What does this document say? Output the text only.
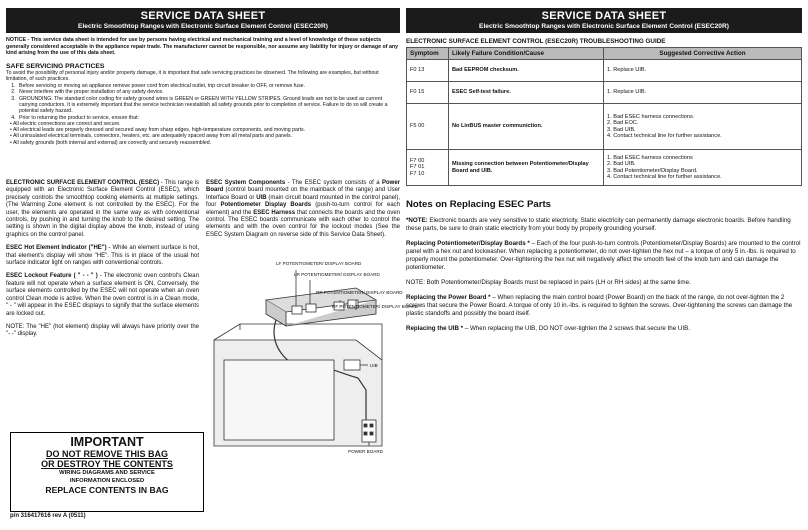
SERVICE DATA SHEET
Electric Smoothtop Ranges with Electronic Surface Element Control (ESEC20R)
NOTICE - This service data sheet is intended for use by persons having electrical and mechanical training and a level of knowledge of these subjects generally considered acceptable in the appliance repair trade. The manufacturer cannot be responsible, nor assume any liability for injury or damage of any kind arising from the use of this data sheet.
SAFE SERVICING PRACTICES
To avoid the possibility of personal injury and/or property damage, it is important that safe servicing practices be observed. The following are examples, but without limitation, of such practices.
1. Before servicing or moving an appliance remove power cord from electrical outlet, trip circuit breaker to OFF, or remove fuse.
2. Never interfere with the proper installation of any safety device.
3. GROUNDING: The standard color coding for safety ground wires is GREEN or GREEN WITH YELLOW STRIPES. Ground leads are not to be used as current carrying conductors. It is extremely important that the service technician reestablish all safety grounds prior to completion of service. Failure to do so will create a potential safety hazard.
4. Prior to returning the product to service, ensure that:
• All electric connections are correct and secure.
• All electrical leads are properly dressed and secured away from sharp edges, high-temperature components, and moving parts.
• All uninsulated electrical terminals, connectors, heaters, etc. are adequately spaced away from all metal parts and panels.
• All safety grounds (both internal and external) are correctly and securely reassembled.

ELECTRONIC SURFACE ELEMENT CONTROL (ESEC) - This range is equipped with an Electronic Surface Element Control (ESEC), which precisely controls the smoothtop cooking elements at multiple settings. (The Warming Zone element is not controlled by the ESEC). For the user, the elements are operated in the same way as with conventional controls, by pushing in and turning the knob to the desired setting. The setting is shown in the digital display above the knob, instead of using graphics on the control panel.

ESEC Hot Element Indicator ("HE") - While an element surface is hot, that element's display will show "HE". This is in place of the usual hot surface indicator light on ranges with conventional controls.

ESEC Lockout Feature ( " - - " ) - The electronic oven control's Clean feature will not operate when a surface element is ON. Conversely, the surface elements controlled by the ESEC will not operate when an oven control Clean mode is active. When the oven control is in a Clean mode, " - " will appear in the ESEC displays to signify that the surface elements are locked out.

NOTE: The "HE" (hot element) display will always have priority over the "- -" display.

ESEC System Components - The ESEC system consists of a Power Board (control board mounted on the mainback of the range) and User Interface Board or UIB (main circuit board mounted in the control panel), four Potentiometer Display Boards (push-to-turn control for each element) and the ESEC Harness that connects the boards and the oven control. The ESEC boards communicate with each other to control the elements and with the oven control for the lockout modes (See the ESEC System Diagram on reverse side of this Service Data Sheet).

LF POTENTIOMETER/ DISPLAY BOARD
LR POTENTIOMETER/ DISPLAY BOARD
RR POTENTIOMETER/ DISPLAY BOARD
RF POTENTIOMETER/ DISPLAY BOARD
UIB
POWER BOARD
IMPORTANT
DO NOT REMOVE THIS BAG
OR DESTROY THE CONTENTS
WIRING DIAGRAMS AND SERVICE
INFORMATION ENCLOSED
REPLACE CONTENTS IN BAG
p/n 316417616 rev A (0511)
SERVICE DATA SHEET
Electric Smoothtop Ranges with Electronic Surface Element Control (ESEC20R)
ELECTRONIC SURFACE ELEMENT CONTROL (ESEC20R) TROUBLESHOOTING GUIDE
Symptom	Likely Failure Condition/Cause	Suggested Corrective Action
F0 13	Bad EEPROM checksum.	1. Replace UIB.
F0 15	ESEC Self-test failure.	1. Replace UIB.
F5 00	No LinBUS master communiction.	1. Bad ESEC harness connections.
2. Bad EOC.
3. Bad UIB.
4. Contact technical line for further assistance.
F7 00
F7 01
F7 10	Missing connection between Potentiometer/Display Board and UIB.	1. Bad ESEC harness connections
2. Bad UIB.
3. Bad Potentiometer/Display Board.
4. Contact technical line for further assistance.
Notes on Replacing ESEC Parts
*NOTE: Electronic boards are very sensitive to static electricity. Static electricity can permanently damage electronic boards. Before handling these parts, be sure to drain static electricity from your body by properly grounding yourself.
Replacing Potentiometer/Display Boards * – Each of the four push-to-turn controls (Potentiometer/Display Boards) are mounted to the control panel with a hex nut and lockwasher. When replacing a potentiometer, do not over-tighten the hex nut – a torque of only 5 in.-lbs. is required to properly mount the potentiometer. Over-tightening the hex nut will negatively affect the smooth feel of the knob turn and can damage the potentiometer.
NOTE: Both Potentiometer/Display Boards must be replaced in pairs (LH or RH sides) at the same time.
Replacing the Power Board * – When replacing the main control board (Power Board) on the back of the range, do not over-tighten the 2 screws that secure the Power Board. A torque of only 10 in.-lbs. is required to tighten the screws. Over-tightening the screws can damage the plastic standoffs and possibly the board itself.
Replacing the UIB * – When replacing the UIB, DO NOT over-tighten the 2 screws that secure the UIB.
